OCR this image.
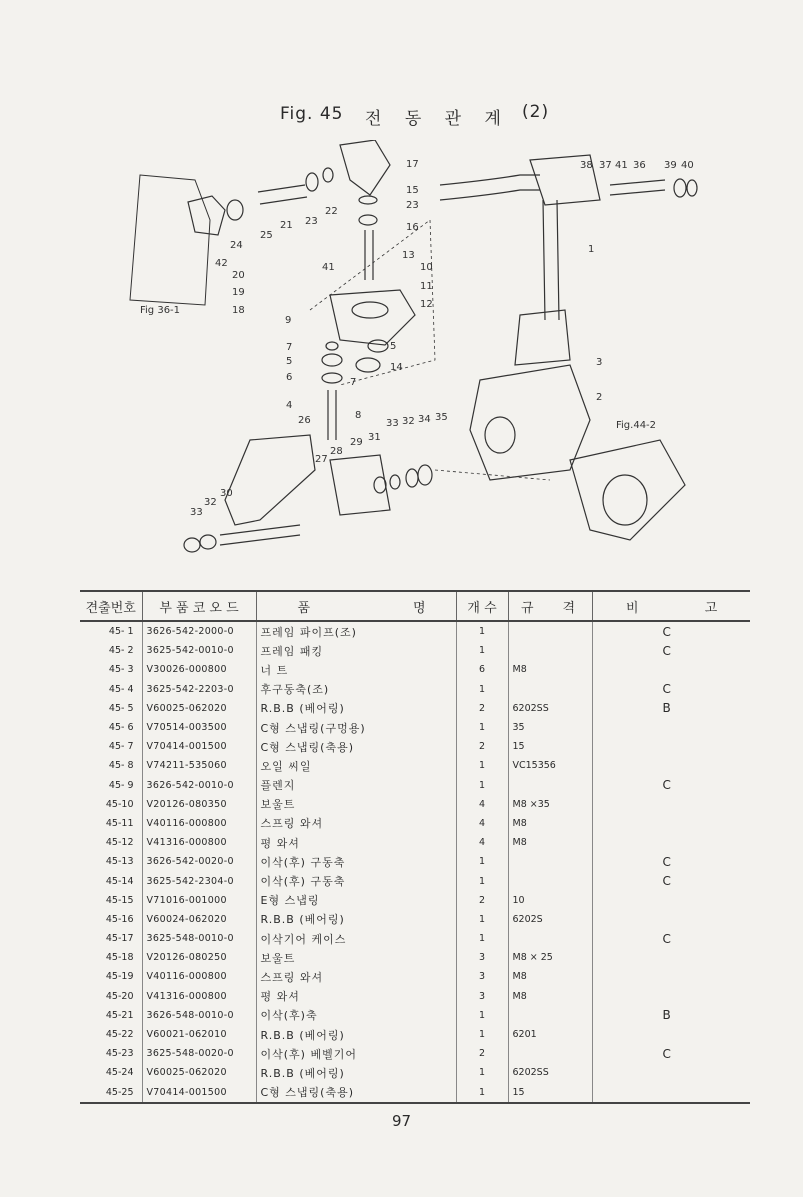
Fig. 45 전 동 관 계 (2)
38 37 41 36 39 40
17
15
23
16
22
23
21
25
24
42
13
41	10
11
20
19
18
12
9
1
7
5
5
6
14
7
3
2
4
8
26	Fig.44-2
33
32
34 35
31
29
28
27
30
33 32
Fig 36-1
견출번호	부 품 코 오 드	품	명	개 수	규	격	비	고
45- 1	3626-542-2000-0	프레임 파이프(조)		1			C	
45- 2	3625-542-0010-0	프레임 패킹		1			C	
45- 3	V30026-000800	너 트		6	M8			
45- 4	3625-542-2203-0	후구동축(조)		1			C	
45- 5	V60025-062020	R.B.B (베어링)		2	6202SS		B	
45- 6	V70514-003500	C형 스냅링(구멍용)		1	35			
45- 7	V70414-001500	C형 스냅링(축용)		2	15			
45- 8	V74211-535060	오일 씨일		1	VC15356			
45- 9	3626-542-0010-0	플렌지		1			C	
45-10	V20126-080350	보울트		4	M8 ×35			
45-11	V40116-000800	스프링 와셔		4	M8			
45-12	V41316-000800	평 와셔		4	M8			
45-13	3626-542-0020-0	이삭(후) 구동축		1			C	
45-14	3625-542-2304-0	이삭(후) 구동축		1			C	
45-15	V71016-001000	E형 스냅링		2	10			
45-16	V60024-062020	R.B.B (베어링)		1	6202S			
45-17	3625-548-0010-0	이삭기어 케이스		1			C	
45-18	V20126-080250	보울트		3	M8 × 25			
45-19	V40116-000800	스프링 와셔		3	M8			
45-20	V41316-000800	평 와셔		3	M8			
45-21	3626-548-0010-0	이삭(후)축		1			B	
45-22	V60021-062010	R.B.B (베어링)		1	6201			
45-23	3625-548-0020-0	이삭(후) 베벨기어		2			C	
45-24	V60025-062020	R.B.B (베어링)		1	6202SS			
45-25	V70414-001500	C형 스냅링(축용)		1	15			
97
